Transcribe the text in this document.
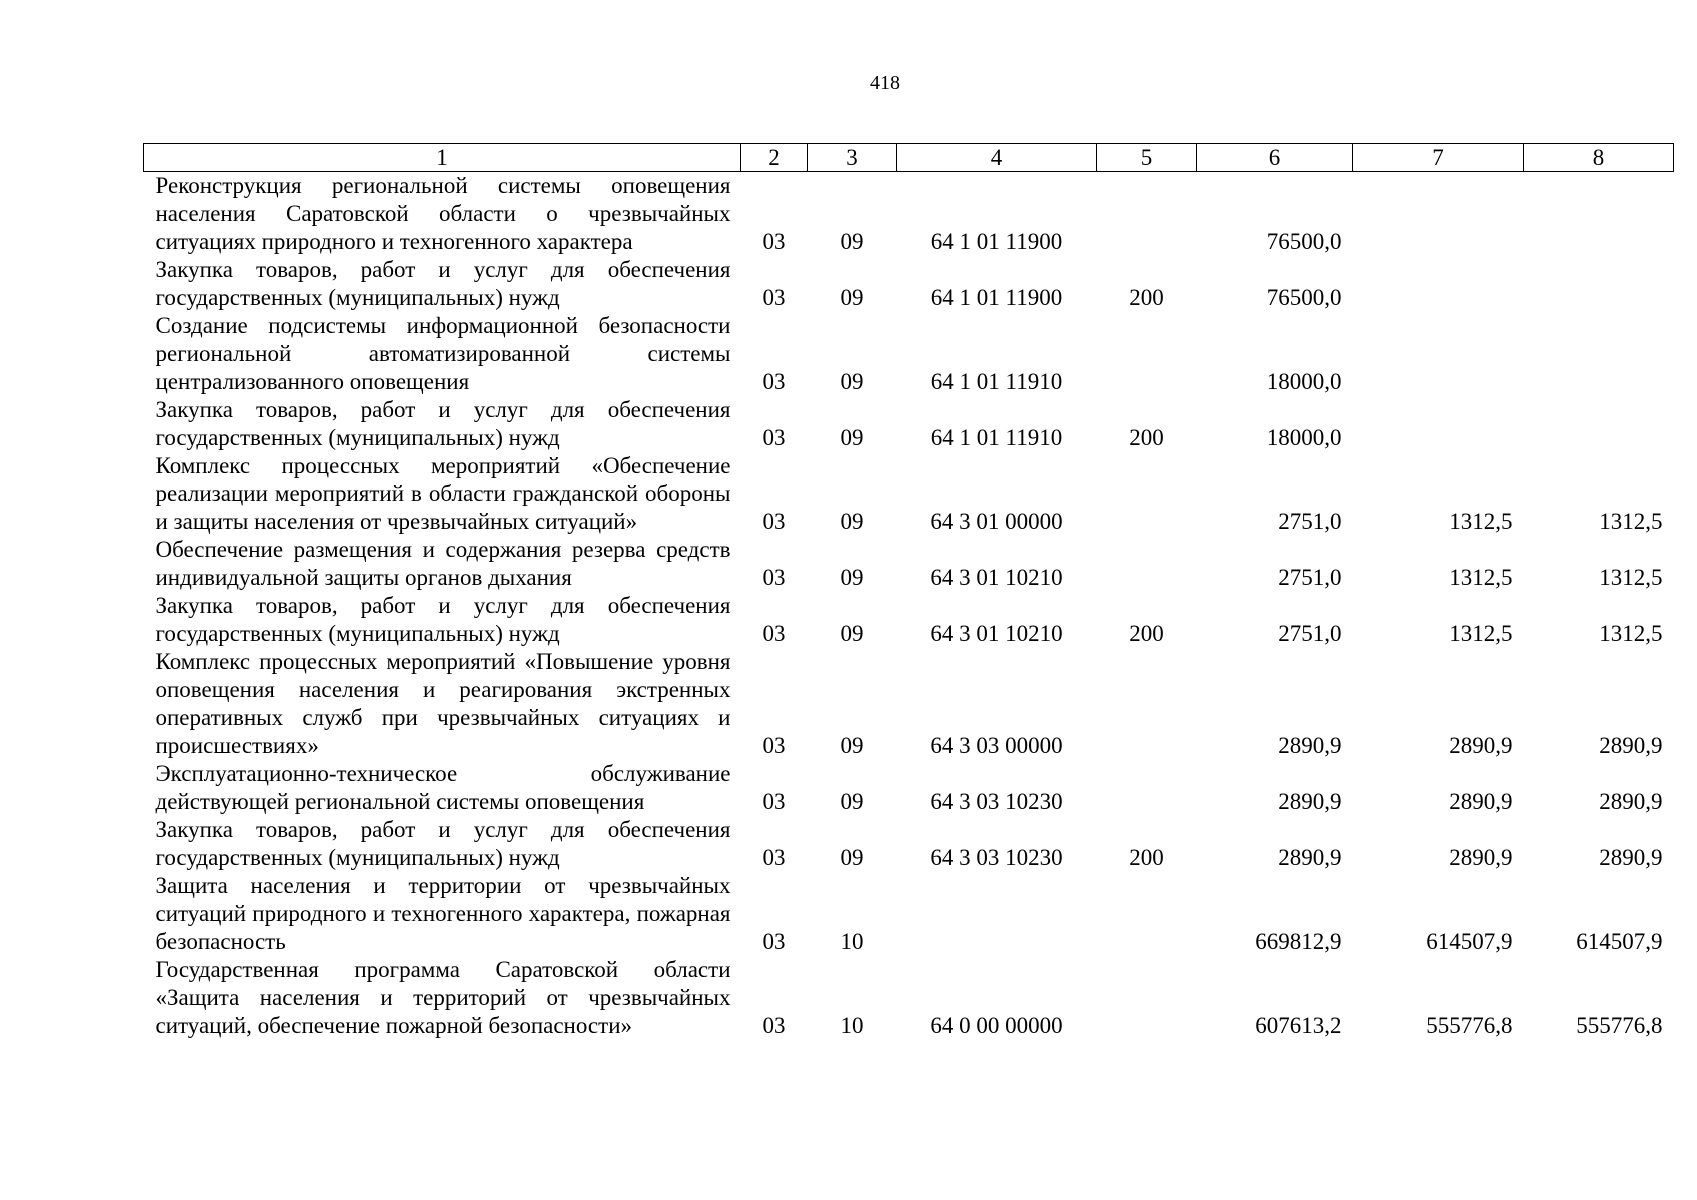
418
1	2	3	4	5	6	7	8
Реконструкция региональной системы оповещения населения Саратовской области о чрезвычайных ситуациях природного и техногенного характера	03	09	64 1 01 11900		76500,0		
Закупка товаров, работ и услуг для обеспечения государственных (муниципальных) нужд	03	09	64 1 01 11900	200	76500,0		
Создание подсистемы информационной безопасности региональной автоматизированной системы централизованного оповещения	03	09	64 1 01 11910		18000,0		
Закупка товаров, работ и услуг для обеспечения государственных (муниципальных) нужд	03	09	64 1 01 11910	200	18000,0		
Комплекс процессных мероприятий «Обеспечение реализации мероприятий в области гражданской обороны и защиты населения от чрезвычайных ситуаций»	03	09	64 3 01 00000		2751,0	1312,5	1312,5
Обеспечение размещения и содержания резерва средств индивидуальной защиты органов дыхания	03	09	64 3 01 10210		2751,0	1312,5	1312,5
Закупка товаров, работ и услуг для обеспечения государственных (муниципальных) нужд	03	09	64 3 01 10210	200	2751,0	1312,5	1312,5
Комплекс процессных мероприятий «Повышение уровня оповещения населения и реагирования экстренных оперативных служб при чрезвычайных ситуациях и происшествиях»	03	09	64 3 03 00000		2890,9	2890,9	2890,9
Эксплуатационно-техническое обслуживание действующей региональной системы оповещения	03	09	64 3 03 10230		2890,9	2890,9	2890,9
Закупка товаров, работ и услуг для обеспечения государственных (муниципальных) нужд	03	09	64 3 03 10230	200	2890,9	2890,9	2890,9
Защита населения и территории от чрезвычайных ситуаций природного и техногенного характера, пожарная безопасность	03	10			669812,9	614507,9	614507,9
Государственная программа Саратовской области «Защита населения и территорий от чрезвычайных ситуаций, обеспечение пожарной безопасности»	03	10	64 0 00 00000		607613,2	555776,8	555776,8
